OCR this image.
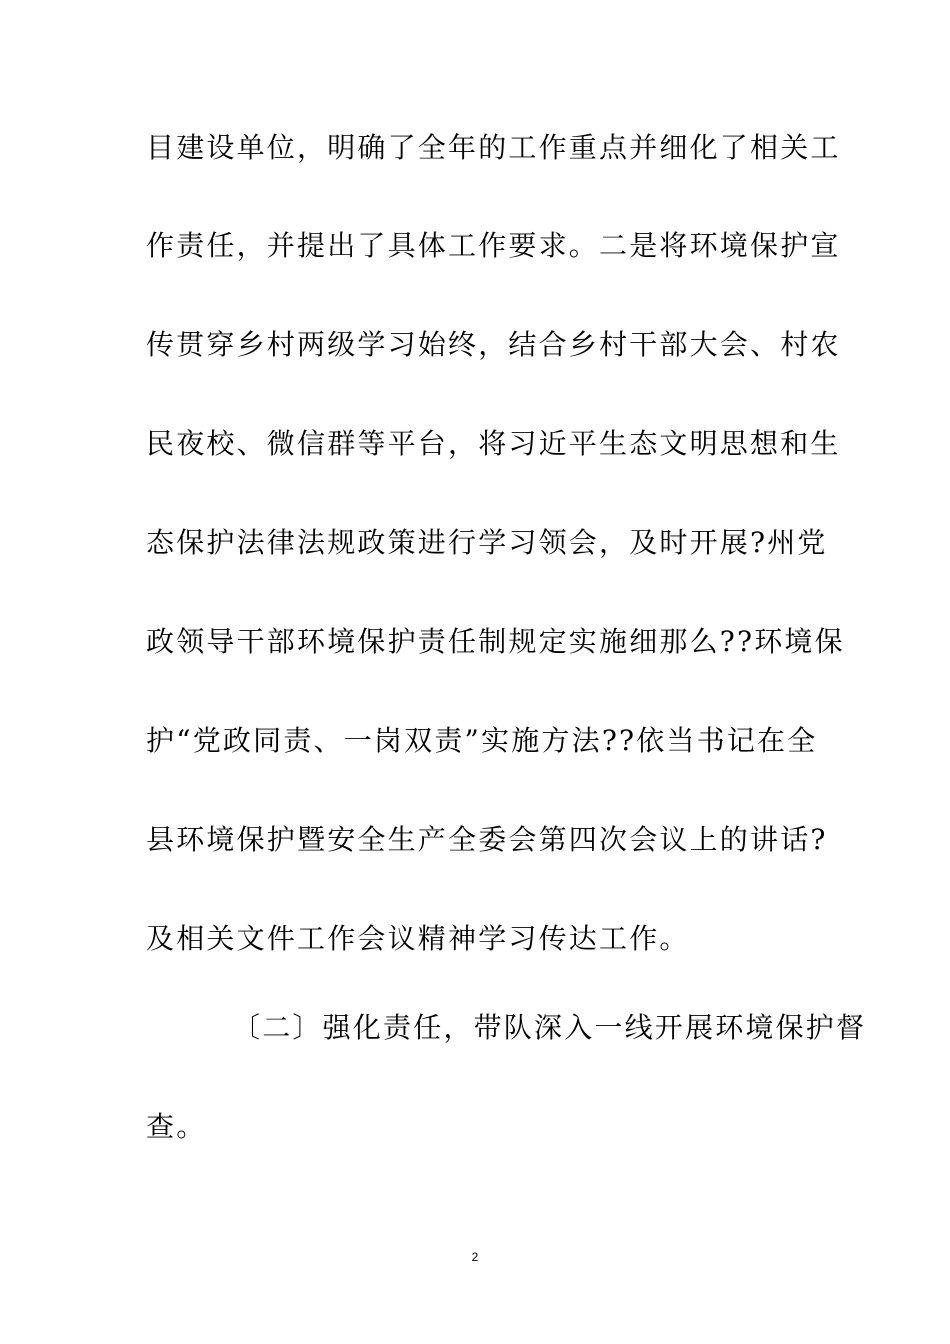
目建设单位，明确了全年的工作重点并细化了相关工
作责任，并提出了具体工作要求。二是将环境保护宣
传贯穿乡村两级学习始终，结合乡村干部大会、村农
民夜校、微信群等平台，将习近平生态文明思想和生
态保护法律法规政策进行学习领会，及时开展?州党
政领导干部环境保护责任制规定实施细那么??环境保
护“党政同责、一岗双责”实施方法??依当书记在全
县环境保护暨安全生产全委会第四次会议上的讲话?
及相关文件工作会议精神学习传达工作。
〔二〕强化责任，带队深入一线开展环境保护督
查。
2
